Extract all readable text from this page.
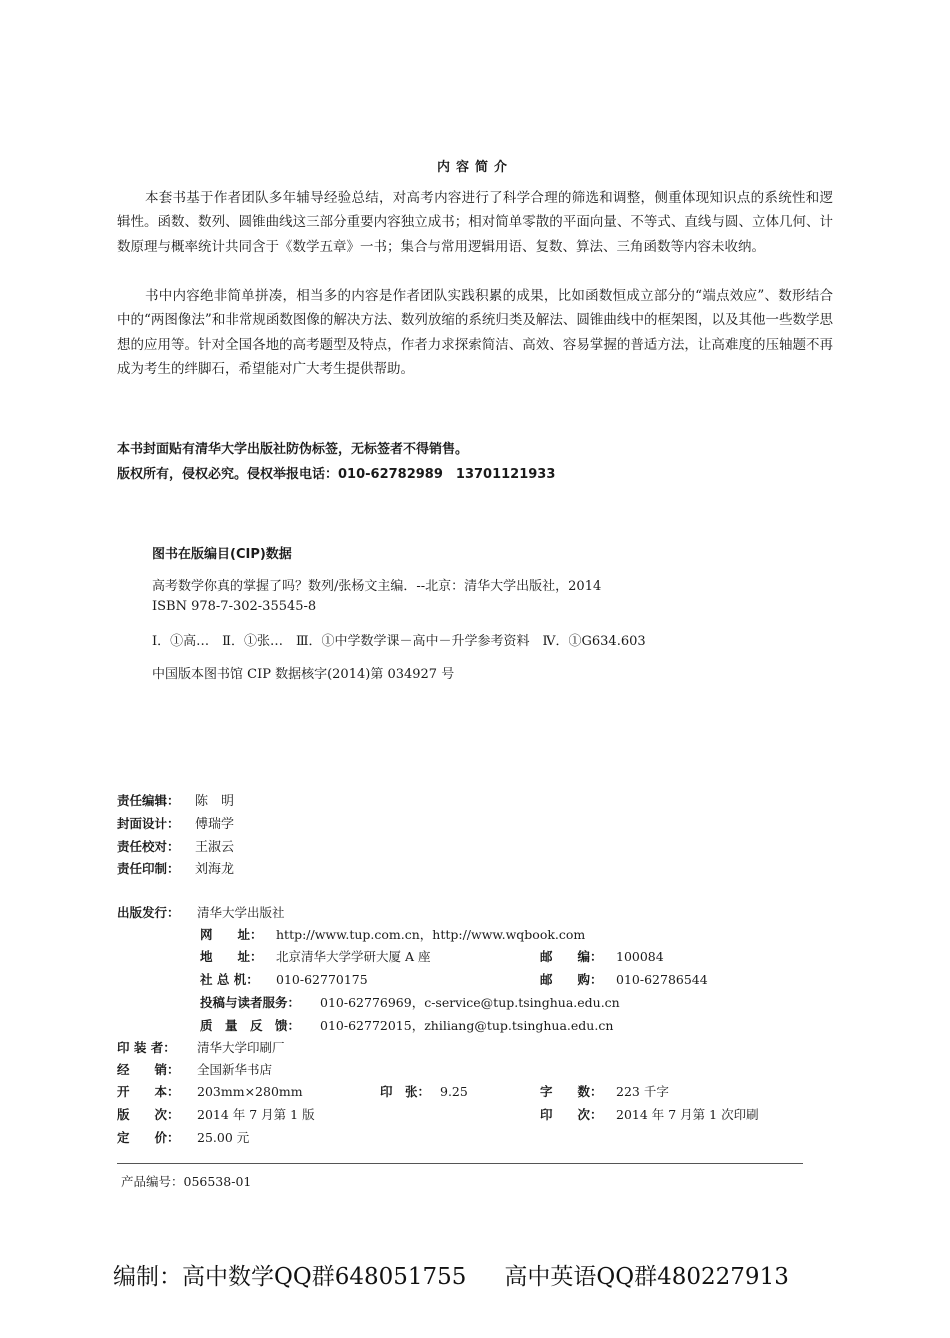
内容简介

本套书基于作者团队多年辅导经验总结，对高考内容进行了科学合理的筛选和调整，侧重体现知识点的系统性和逻辑性。函数、数列、圆锥曲线这三部分重要内容独立成书；相对简单零散的平面向量、不等式、直线与圆、立体几何、计数原理与概率统计共同含于《数学五章》一书；集合与常用逻辑用语、复数、算法、三角函数等内容未收纳。

书中内容绝非简单拼凑，相当多的内容是作者团队实践积累的成果，比如函数恒成立部分的“端点效应”、数形结合中的“两图像法”和非常规函数图像的解决方法、数列放缩的系统归类及解法、圆锥曲线中的框架图，以及其他一些数学思想的应用等。针对全国各地的高考题型及特点，作者力求探索简洁、高效、容易掌握的普适方法，让高难度的压轴题不再成为考生的绊脚石，希望能对广大考生提供帮助。

本书封面贴有清华大学出版社防伪标签，无标签者不得销售。
版权所有，侵权必究。侵权举报电话：010-62782989　13701121933
图书在版编目(CIP)数据
高考数学你真的掌握了吗？数列/张杨文主编．--北京：清华大学出版社，2014
ISBN 978-7-302-35545-8
Ⅰ．①高…　Ⅱ．①张…　Ⅲ．①中学数学课－高中－升学参考资料　Ⅳ．①G634.603
中国版本图书馆 CIP 数据核字(2014)第 034927 号
责任编辑： 陈　明
封面设计： 傅瑞学
责任校对： 王淑云
责任印制： 刘海龙
出版发行： 清华大学出版社
网　　址： http://www.tup.com.cn，http://www.wqbook.com
地　　址： 北京清华大学学研大厦 A 座	邮　　编： 100084
社 总 机： 010-62770175	邮　　购： 010-62786544
投稿与读者服务： 010-62776969，c-service@tup.tsinghua.edu.cn
质　量　反　馈： 010-62772015，zhiliang@tup.tsinghua.edu.cn
印 装 者： 清华大学印刷厂
经　　销： 全国新华书店
开　　本： 203mm×280mm	印　张： 9.25	字　　数： 223 千字
版　　次： 2014 年 7 月第 1 版	印　　次： 2014 年 7 月第 1 次印刷
定　　价： 25.00 元
产品编号：056538-01
编制：高中数学QQ群648051755 高中英语QQ群480227913
